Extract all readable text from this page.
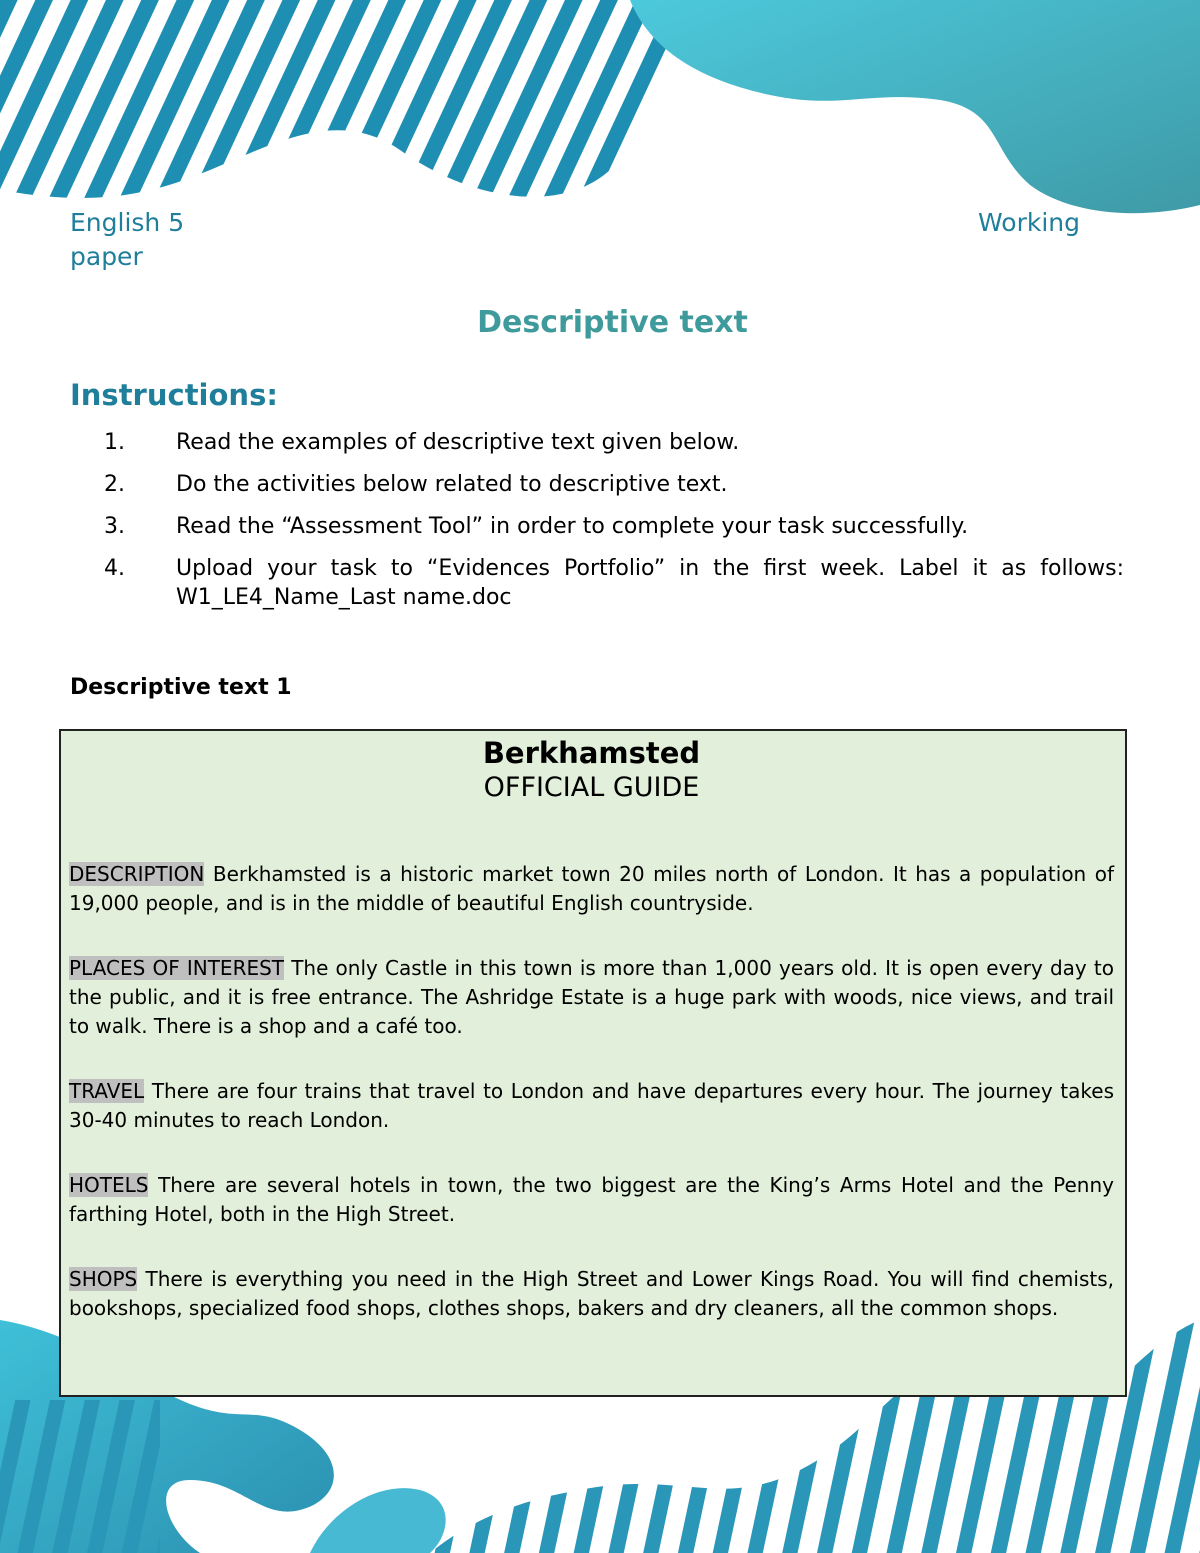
English 5
paper
Working
Descriptive text
Instructions:
1.	Read the examples of descriptive text given below.
2.	Do the activities below related to descriptive text.
3.	Read the “Assessment Tool” in order to complete your task successfully.
4.	Upload your task to “Evidences Portfolio” in the first week. Label it as follows: W1_LE4_Name_Last name.doc
Descriptive text 1
Berkhamsted
OFFICIAL GUIDE
DESCRIPTION Berkhamsted is a historic market town 20 miles north of London. It has a population of 19,000 people, and is in the middle of beautiful English countryside.
PLACES OF INTEREST The only Castle in this town is more than 1,000 years old. It is open every day to the public, and it is free entrance. The Ashridge Estate is a huge park with woods, nice views, and trail to walk. There is a shop and a café too.
TRAVEL There are four trains that travel to London and have departures every hour. The journey takes 30-40 minutes to reach London.
HOTELS There are several hotels in town, the two biggest are the King’s Arms Hotel and the Penny farthing Hotel, both in the High Street.
SHOPS There is everything you need in the High Street and Lower Kings Road. You will find chemists, bookshops, specialized food shops, clothes shops, bakers and dry cleaners, all the common shops.
